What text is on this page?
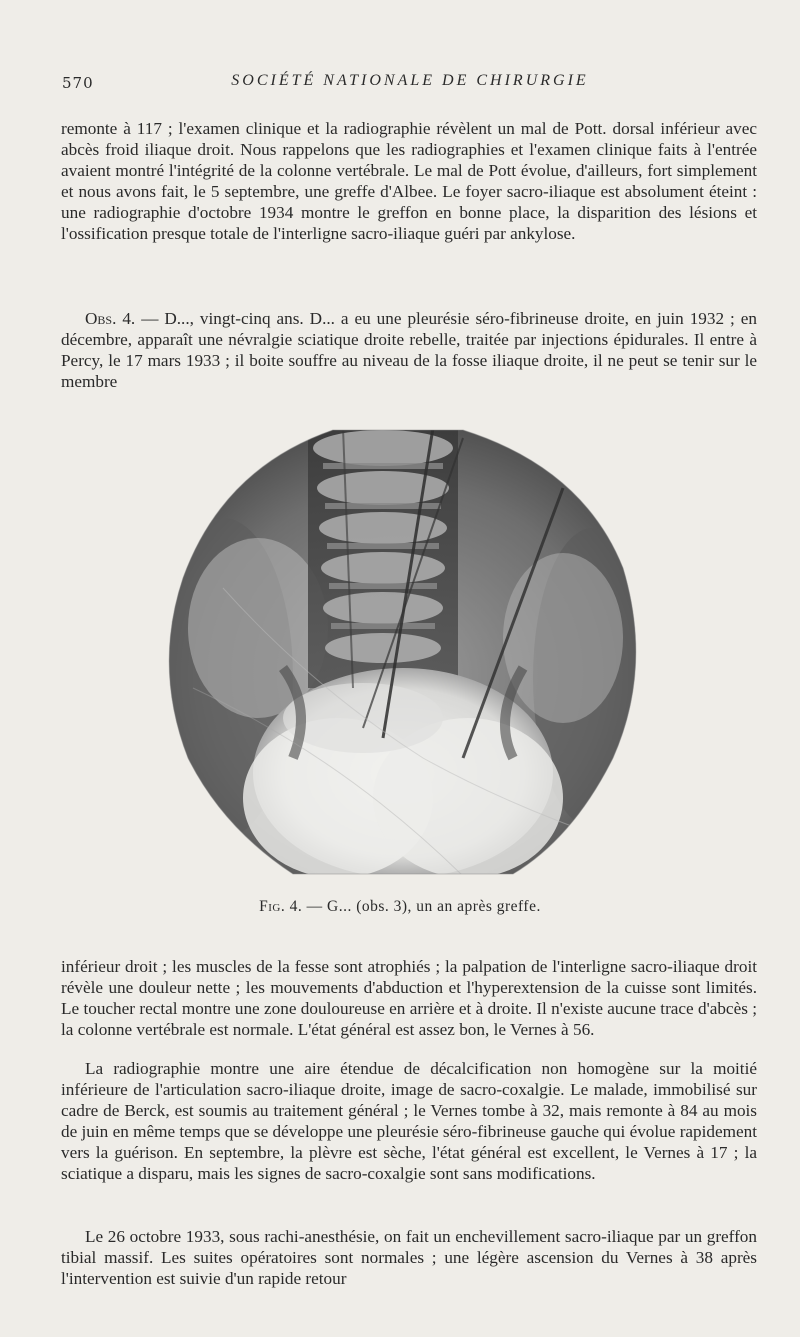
570	SOCIÉTÉ NATIONALE DE CHIRURGIE

remonte à 117 ; l'examen clinique et la radiographie révèlent un mal de Pott. dorsal inférieur avec abcès froid iliaque droit. Nous rappelons que les radiographies et l'examen clinique faits à l'entrée avaient montré l'intégrité de la colonne vertébrale. Le mal de Pott évolue, d'ailleurs, fort simplement et nous avons fait, le 5 septembre, une greffe d'Albee. Le foyer sacro-iliaque est absolument éteint : une radiographie d'octobre 1934 montre le greffon en bonne place, la disparition des lésions et l'ossification presque totale de l'interligne sacro-iliaque guéri par ankylose.

Obs. 4. — D..., vingt-cinq ans. D... a eu une pleurésie séro-fibrineuse droite, en juin 1932 ; en décembre, apparaît une névralgie sciatique droite rebelle, traitée par injections épidurales. Il entre à Percy, le 17 mars 1933 ; il boite souffre au niveau de la fosse iliaque droite, il ne peut se tenir sur le membre

Fig. 4. — G... (obs. 3), un an après greffe.

inférieur droit ; les muscles de la fesse sont atrophiés ; la palpation de l'interligne sacro-iliaque droit révèle une douleur nette ; les mouvements d'abduction et l'hyperextension de la cuisse sont limités. Le toucher rectal montre une zone douloureuse en arrière et à droite. Il n'existe aucune trace d'abcès ; la colonne vertébrale est normale. L'état général est assez bon, le Vernes à 56.

La radiographie montre une aire étendue de décalcification non homogène sur la moitié inférieure de l'articulation sacro-iliaque droite, image de sacro-coxalgie. Le malade, immobilisé sur cadre de Berck, est soumis au traitement général ; le Vernes tombe à 32, mais remonte à 84 au mois de juin en même temps que se développe une pleurésie séro-fibrineuse gauche qui évolue rapidement vers la guérison. En septembre, la plèvre est sèche, l'état général est excellent, le Vernes à 17 ; la sciatique a disparu, mais les signes de sacro-coxalgie sont sans modifications.

Le 26 octobre 1933, sous rachi-anesthésie, on fait un enchevillement sacro-iliaque par un greffon tibial massif. Les suites opératoires sont normales ; une légère ascension du Vernes à 38 après l'intervention est suivie d'un rapide retour
